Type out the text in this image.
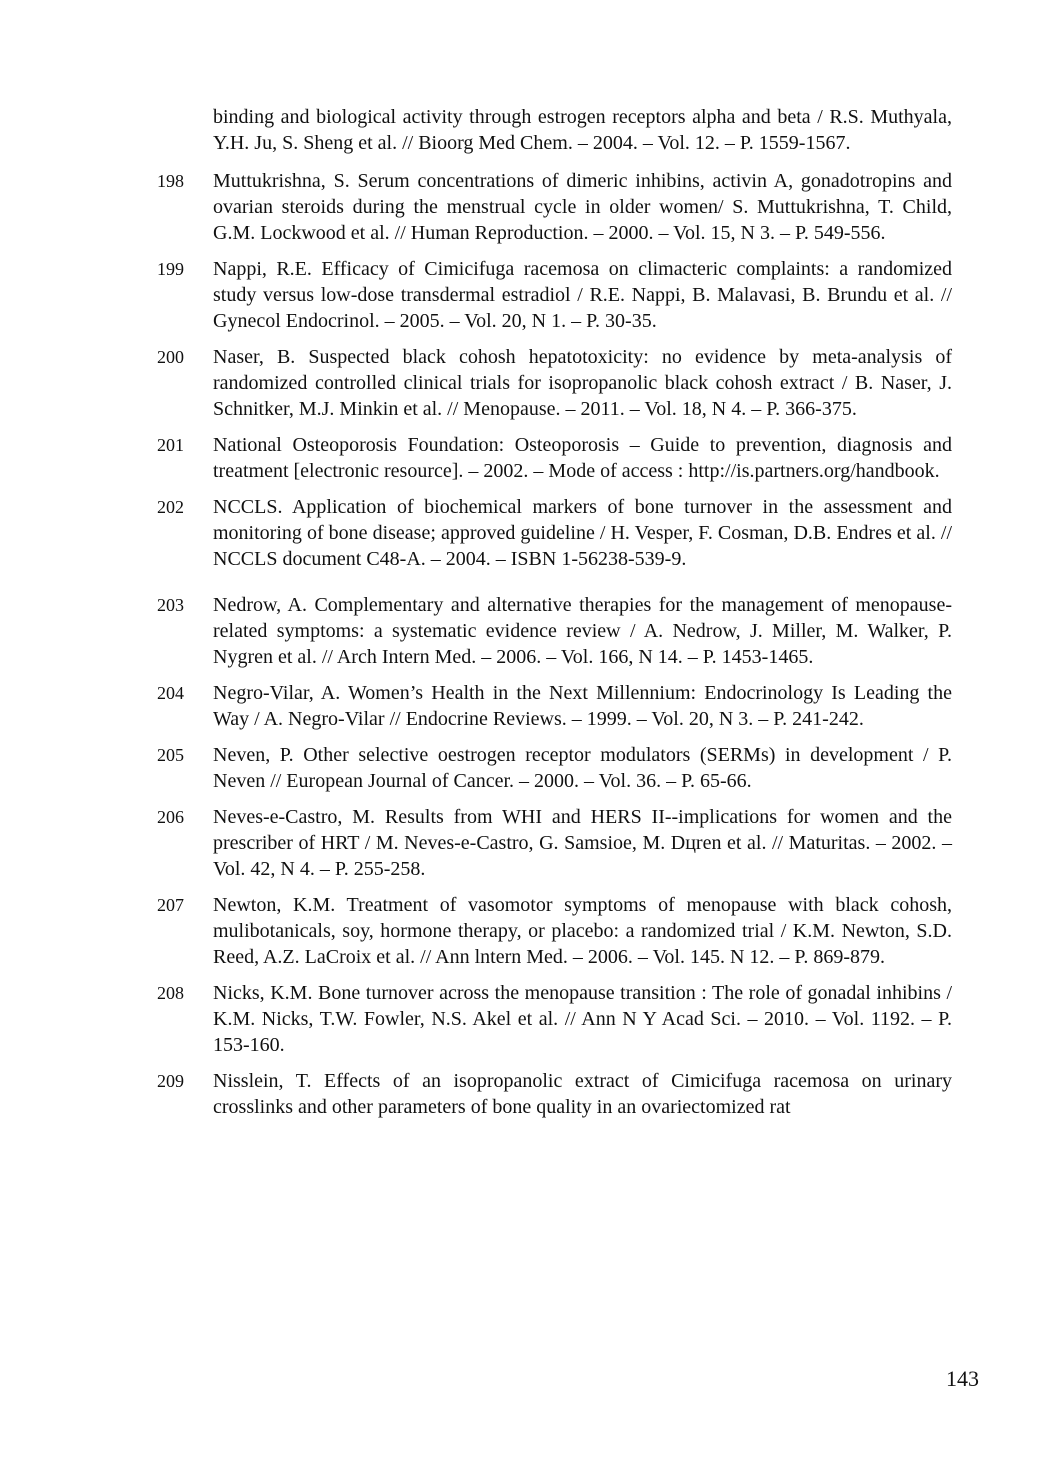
binding and biological activity through estrogen receptors alpha and beta / R.S. Muthyala, Y.H. Ju, S. Sheng et al. // Bioorg Med Chem. – 2004. – Vol. 12. – P. 1559-1567.
198	Muttukrishna, S. Serum concentrations of dimeric inhibins, activin A, gonadotropins and ovarian steroids during the menstrual cycle in older women/ S. Muttukrishna, T. Child, G.M. Lockwood et al. // Human Reproduction. – 2000. – Vol. 15, N 3. – P. 549-556.
199	Nappi, R.E. Efficacy of Cimicifuga racemosa on climacteric complaints: a randomized study versus low-dose transdermal estradiol / R.E. Nappi, B. Malavasi, B. Brundu et al. // Gynecol Endocrinol. – 2005. – Vol. 20, N 1. – P. 30-35.
200	Naser, B. Suspected black cohosh hepatotoxicity: no evidence by meta-analysis of randomized controlled clinical trials for isopropanolic black cohosh extract / B. Naser, J. Schnitker, M.J. Minkin et al. // Menopause. – 2011. – Vol. 18, N 4. – P. 366-375.
201	National Osteoporosis Foundation: Osteoporosis – Guide to prevention, diagnosis and treatment [electronic resource]. – 2002. – Mode of access : http://is.partners.org/handbook.
202	NCCLS. Application of biochemical markers of bone turnover in the assessment and monitoring of bone disease; approved guideline / H. Vesper, F. Cosman, D.B. Endres et al. // NCCLS document C48-A. – 2004. – ISBN 1-56238-539-9.
203	Nedrow, A. Complementary and alternative therapies for the management of menopause-related symptoms: a systematic evidence review / A. Nedrow, J. Miller, M. Walker, P. Nygren et al. // Arch Intern Med. – 2006. – Vol. 166, N 14. – P. 1453-1465.
204	Negro-Vilar, A. Women’s Health in the Next Millennium: Endocrinology Is Leading the Way / A. Negro-Vilar // Endocrine Reviews. – 1999. – Vol. 20, N 3. – P. 241-242.
205	Neven, P. Other selective oestrogen receptor modulators (SERMs) in development / P. Neven // European Journal of Cancer. – 2000. – Vol. 36. – P. 65-66.
206	Neves-e-Castro, M. Results from WHI and HERS II--implications for women and the prescriber of HRT / M. Neves-e-Castro, G. Samsioe, M. Dцren et al. // Maturitas. – 2002. – Vol. 42, N 4. – P. 255-258.
207	Newton, K.M. Treatment of vasomotor symptoms of menopause with black cohosh, mulibotanicals, soy, hormone therapy, or placebo: a randomized trial / K.M. Newton, S.D. Reed, A.Z. LaCroix et al. // Ann lntern Med. – 2006. – Vol. 145. N 12. – P. 869-879.
208	Nicks, K.M. Bone turnover across the menopause transition : The role of gonadal inhibins / K.M. Nicks, T.W. Fowler, N.S. Akel et al. // Ann N Y Acad Sci. – 2010. – Vol. 1192. – P. 153-160.
209	Nisslein, T. Effects of an isopropanolic extract of Cimicifuga racemosa on urinary crosslinks and other parameters of bone quality in an ovariectomized rat
143
